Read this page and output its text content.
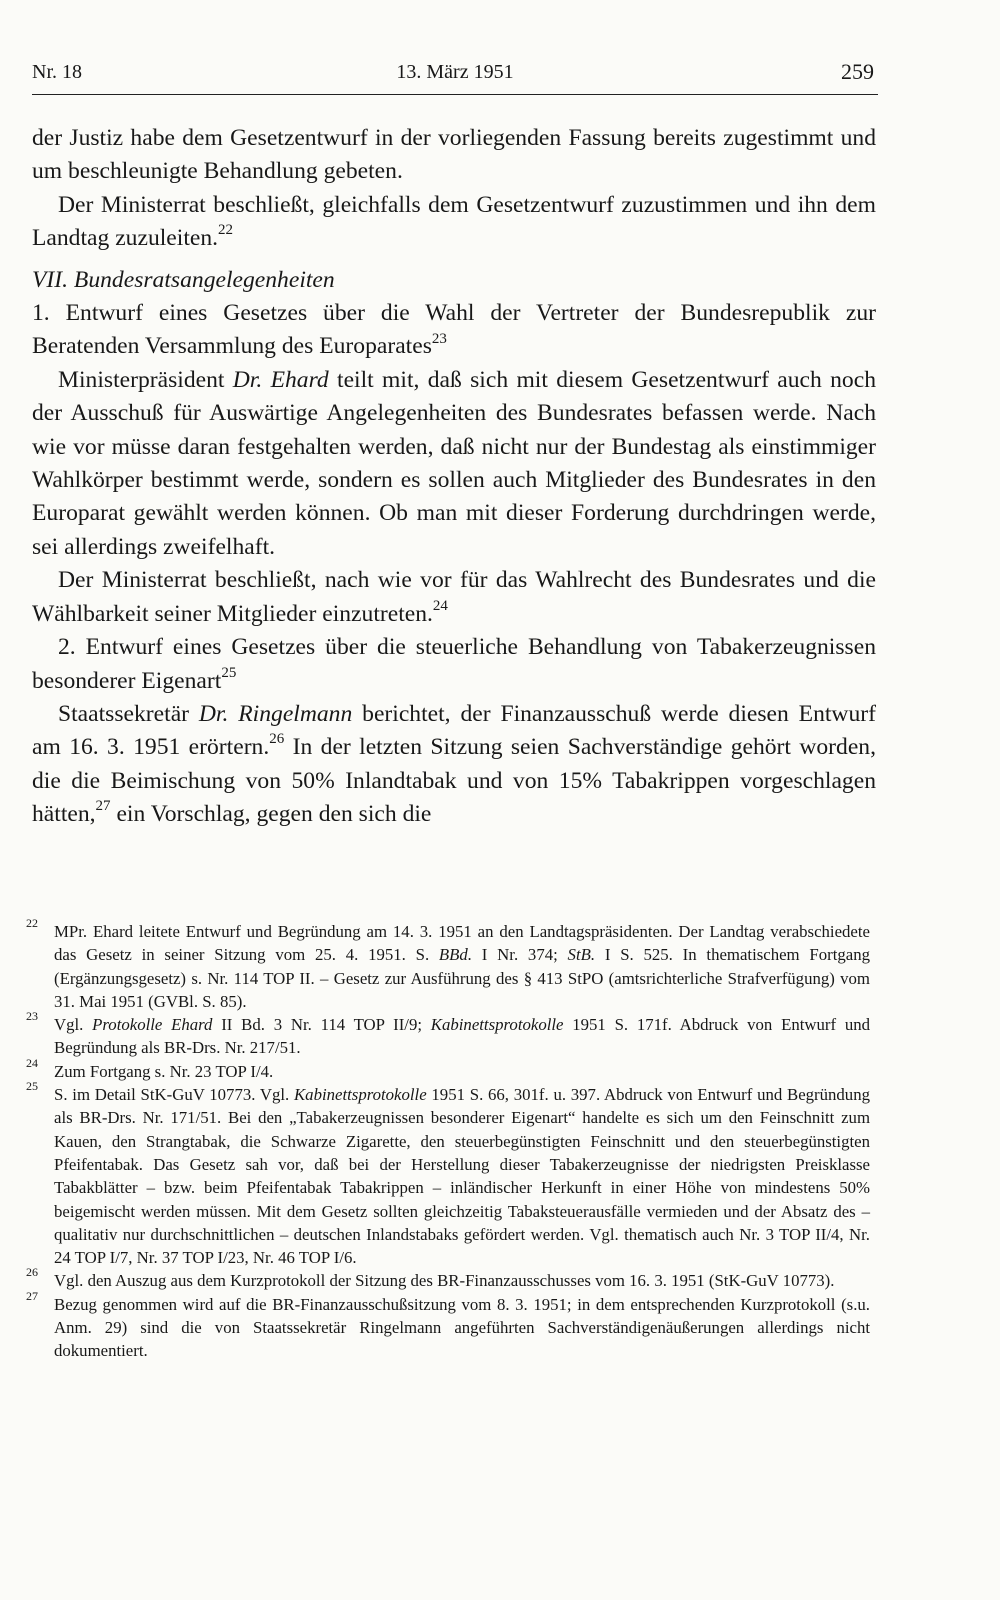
Nr. 18	13. März 1951	259

der Justiz habe dem Gesetzentwurf in der vorliegenden Fassung bereits zugestimmt und um beschleunigte Behandlung gebeten.

Der Ministerrat beschließt, gleichfalls dem Gesetzentwurf zuzustimmen und ihn dem Landtag zuzuleiten.$^{22}$

VII. Bundesratsangelegenheiten

1. Entwurf eines Gesetzes über die Wahl der Vertreter der Bundesrepublik zur Beratenden Versammlung des Europarates$^{23}$

Ministerpräsident Dr. Ehard teilt mit, daß sich mit diesem Gesetzentwurf auch noch der Ausschuß für Auswärtige Angelegenheiten des Bundesrates befassen werde. Nach wie vor müsse daran festgehalten werden, daß nicht nur der Bundestag als einstimmiger Wahlkörper bestimmt werde, sondern es sollen auch Mitglieder des Bundesrates in den Europarat gewählt werden können. Ob man mit dieser Forderung durchdringen werde, sei allerdings zweifelhaft.

Der Ministerrat beschließt, nach wie vor für das Wahlrecht des Bundesrates und die Wählbarkeit seiner Mitglieder einzutreten.$^{24}$

2. Entwurf eines Gesetzes über die steuerliche Behandlung von Tabakerzeugnissen besonderer Eigenart$^{25}$

Staatssekretär Dr. Ringelmann berichtet, der Finanzausschuß werde diesen Entwurf am 16. 3. 1951 erörtern.$^{26}$ In der letzten Sitzung seien Sachverständige gehört worden, die die Beimischung von 50% Inlandtabak und von 15% Tabakrippen vorgeschlagen hätten,$^{27}$ ein Vorschlag, gegen den sich die

22 MPr. Ehard leitete Entwurf und Begründung am 14. 3. 1951 an den Landtagspräsidenten. Der Landtag verabschiedete das Gesetz in seiner Sitzung vom 25. 4. 1951. S. BBd. I Nr. 374; StB. I S. 525. In thematischem Fortgang (Ergänzungsgesetz) s. Nr. 114 TOP II. – Gesetz zur Ausführung des § 413 StPO (amtsrichterliche Strafverfügung) vom 31. Mai 1951 (GVBl. S. 85).

23 Vgl. Protokolle Ehard II Bd. 3 Nr. 114 TOP II/9; Kabinettsprotokolle 1951 S. 171f. Abdruck von Entwurf und Begründung als BR-Drs. Nr. 217/51.

24 Zum Fortgang s. Nr. 23 TOP I/4.

25 S. im Detail StK-GuV 10773. Vgl. Kabinettsprotokolle 1951 S. 66, 301f. u. 397. Abdruck von Entwurf und Begründung als BR-Drs. Nr. 171/51. Bei den „Tabakerzeugnissen besonderer Eigenart“ handelte es sich um den Feinschnitt zum Kauen, den Strangtabak, die Schwarze Zigarette, den steuerbegünstigten Feinschnitt und den steuerbegünstigten Pfeifentabak. Das Gesetz sah vor, daß bei der Herstellung dieser Tabakerzeugnisse der niedrigsten Preisklasse Tabakblätter – bzw. beim Pfeifentabak Tabakrippen – inländischer Herkunft in einer Höhe von mindestens 50% beigemischt werden müssen. Mit dem Gesetz sollten gleichzeitig Tabaksteuerausfälle vermieden und der Absatz des – qualitativ nur durchschnittlichen – deutschen Inlandstabaks gefördert werden. Vgl. thematisch auch Nr. 3 TOP II/4, Nr. 24 TOP I/7, Nr. 37 TOP I/23, Nr. 46 TOP I/6.

26 Vgl. den Auszug aus dem Kurzprotokoll der Sitzung des BR-Finanzausschusses vom 16. 3. 1951 (StK-GuV 10773).

27 Bezug genommen wird auf die BR-Finanzausschußsitzung vom 8. 3. 1951; in dem entsprechenden Kurzprotokoll (s.u. Anm. 29) sind die von Staatssekretär Ringelmann angeführten Sachverständigenäußerungen allerdings nicht dokumentiert.
